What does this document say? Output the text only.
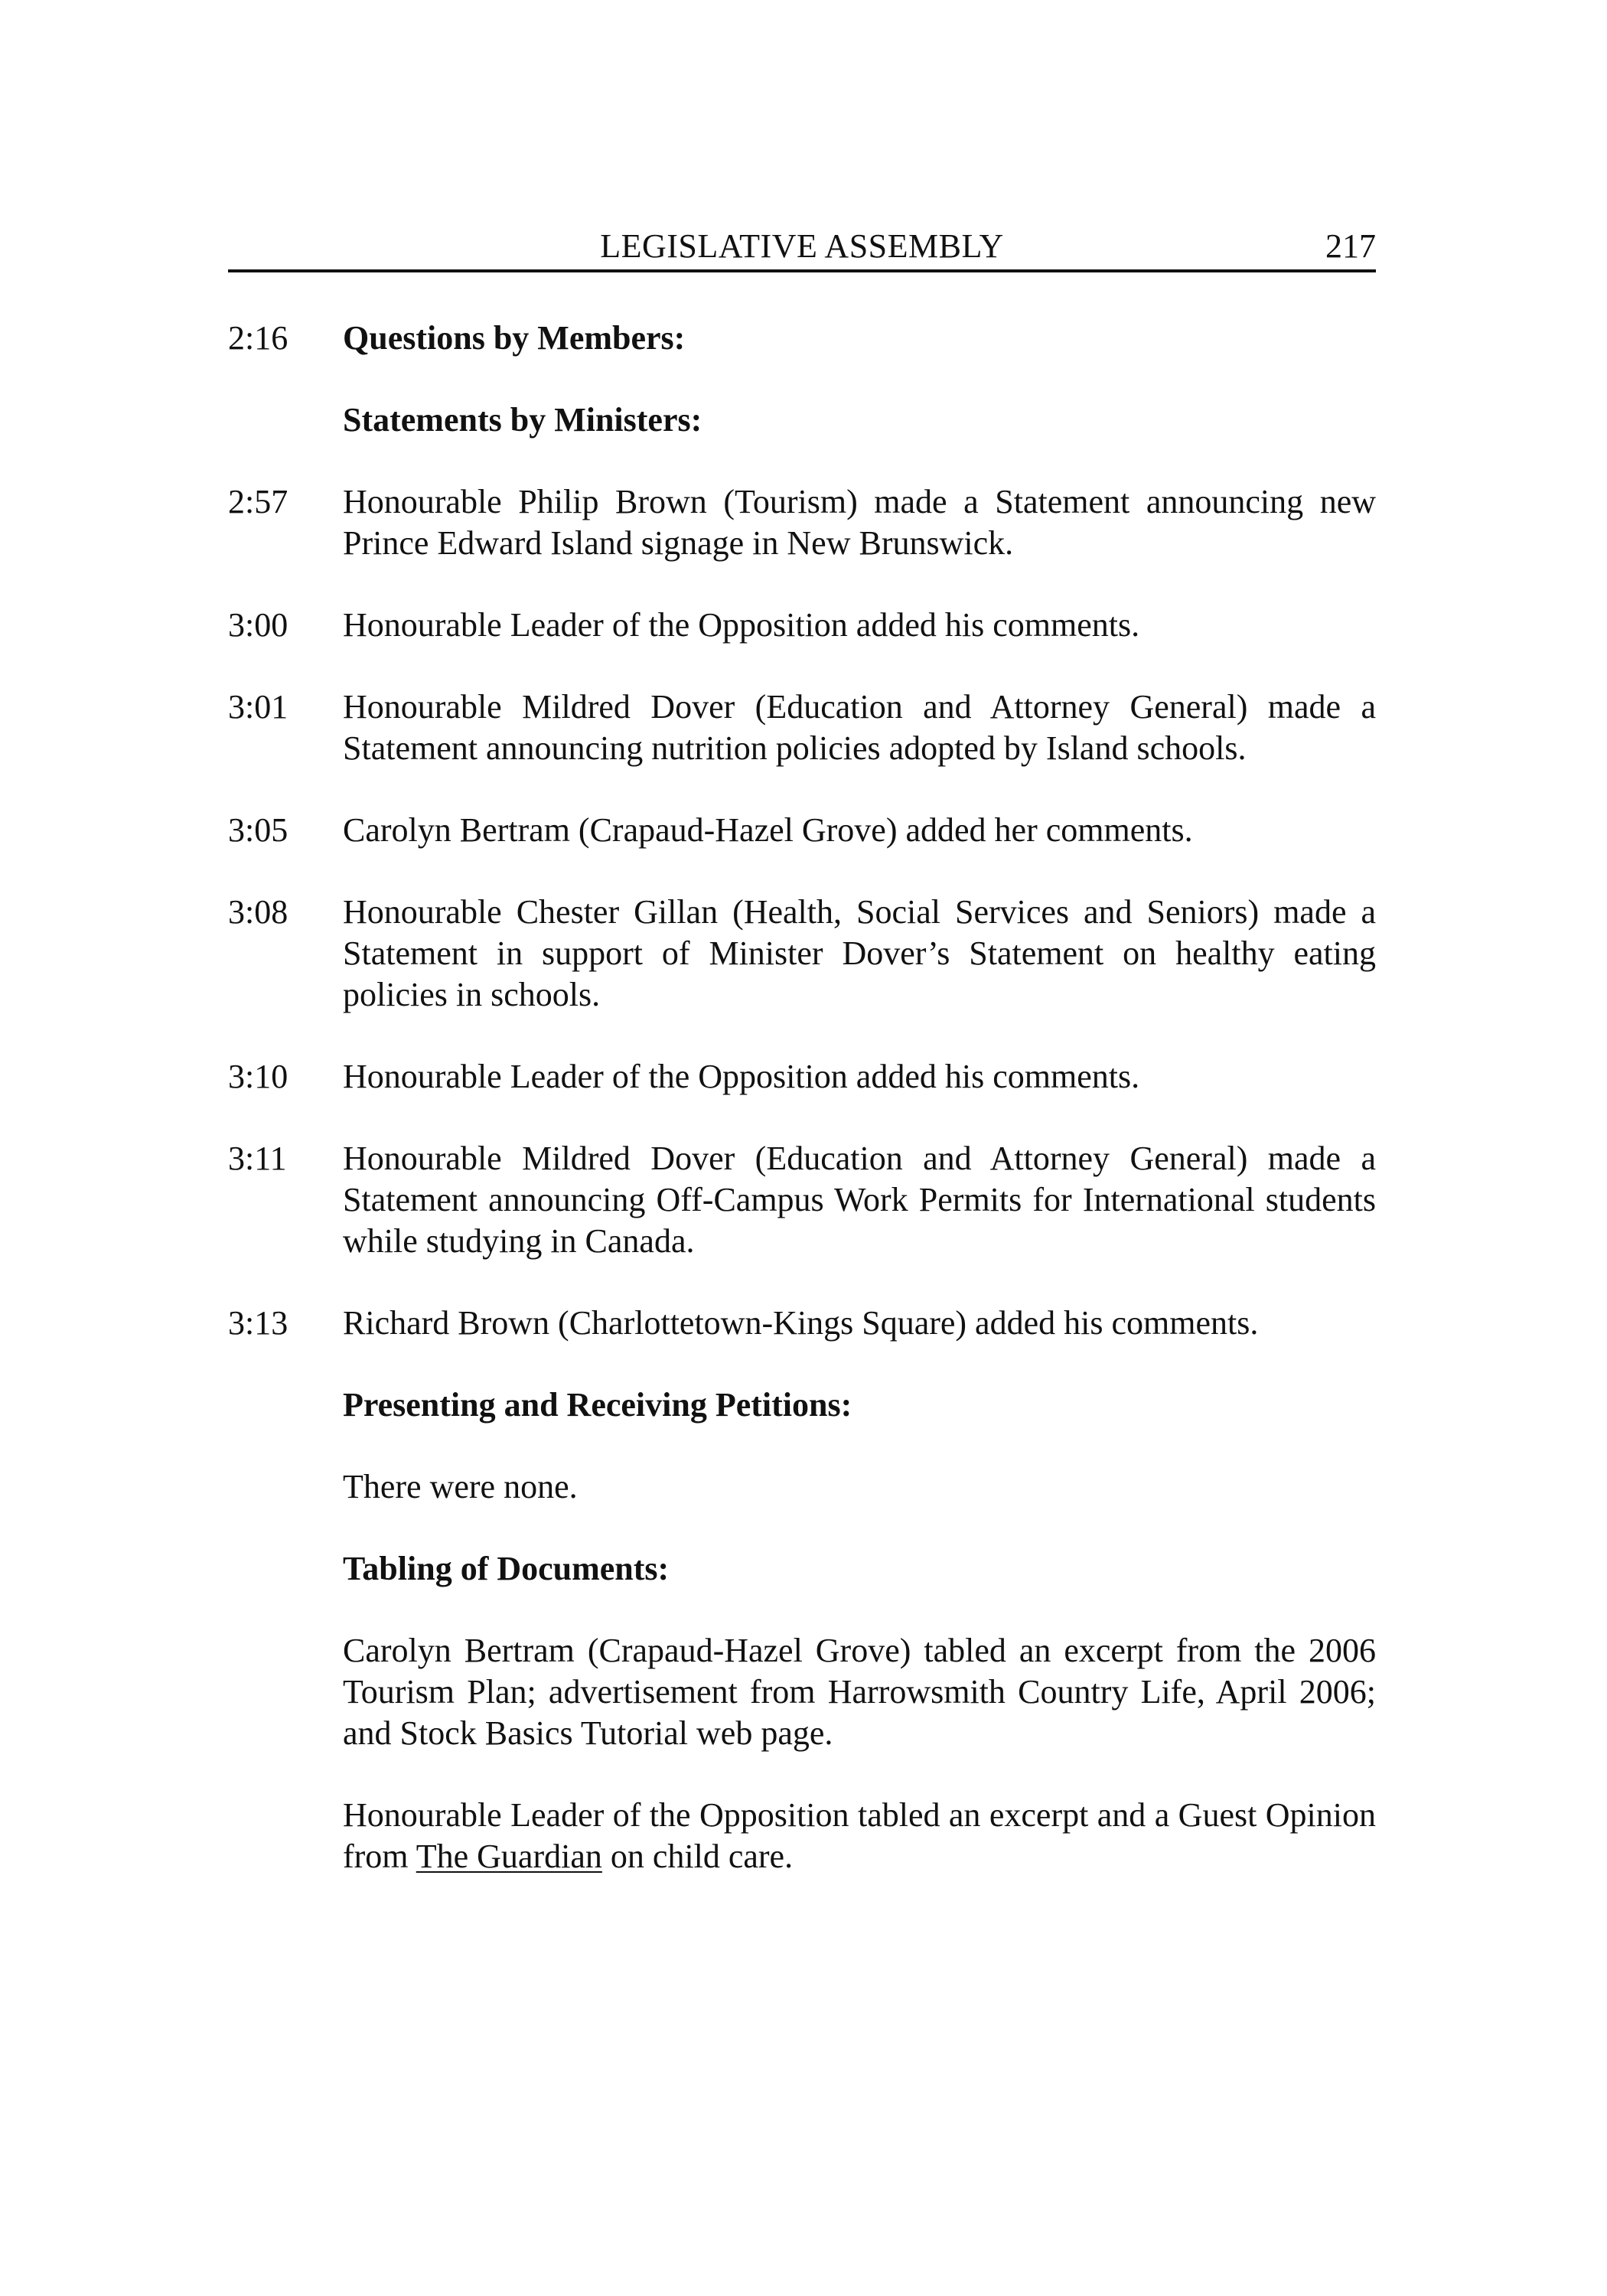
LEGISLATIVE ASSEMBLY	217
2:16	Questions by Members:
Statements by Ministers:
2:57	Honourable Philip Brown (Tourism) made a Statement announcing new Prince Edward Island signage in New Brunswick.
3:00	Honourable Leader of the Opposition added his comments.
3:01	Honourable Mildred Dover (Education and Attorney General) made a Statement announcing nutrition policies adopted by Island schools.
3:05	Carolyn Bertram (Crapaud-Hazel Grove) added her comments.
3:08	Honourable Chester Gillan (Health, Social Services and Seniors) made a Statement in support of Minister Dover’s Statement on healthy eating policies in schools.
3:10	Honourable Leader of the Opposition added his comments.
3:11	Honourable Mildred Dover (Education and Attorney General) made a Statement announcing Off-Campus Work Permits for International students while studying in Canada.
3:13	Richard Brown (Charlottetown-Kings Square) added his comments.
Presenting and Receiving Petitions:
There were none.
Tabling of Documents:
Carolyn Bertram (Crapaud-Hazel Grove) tabled an excerpt from the 2006 Tourism Plan; advertisement from Harrowsmith Country Life, April 2006; and Stock Basics Tutorial web page.
Honourable Leader of the Opposition tabled an excerpt and a Guest Opinion from The Guardian on child care.
